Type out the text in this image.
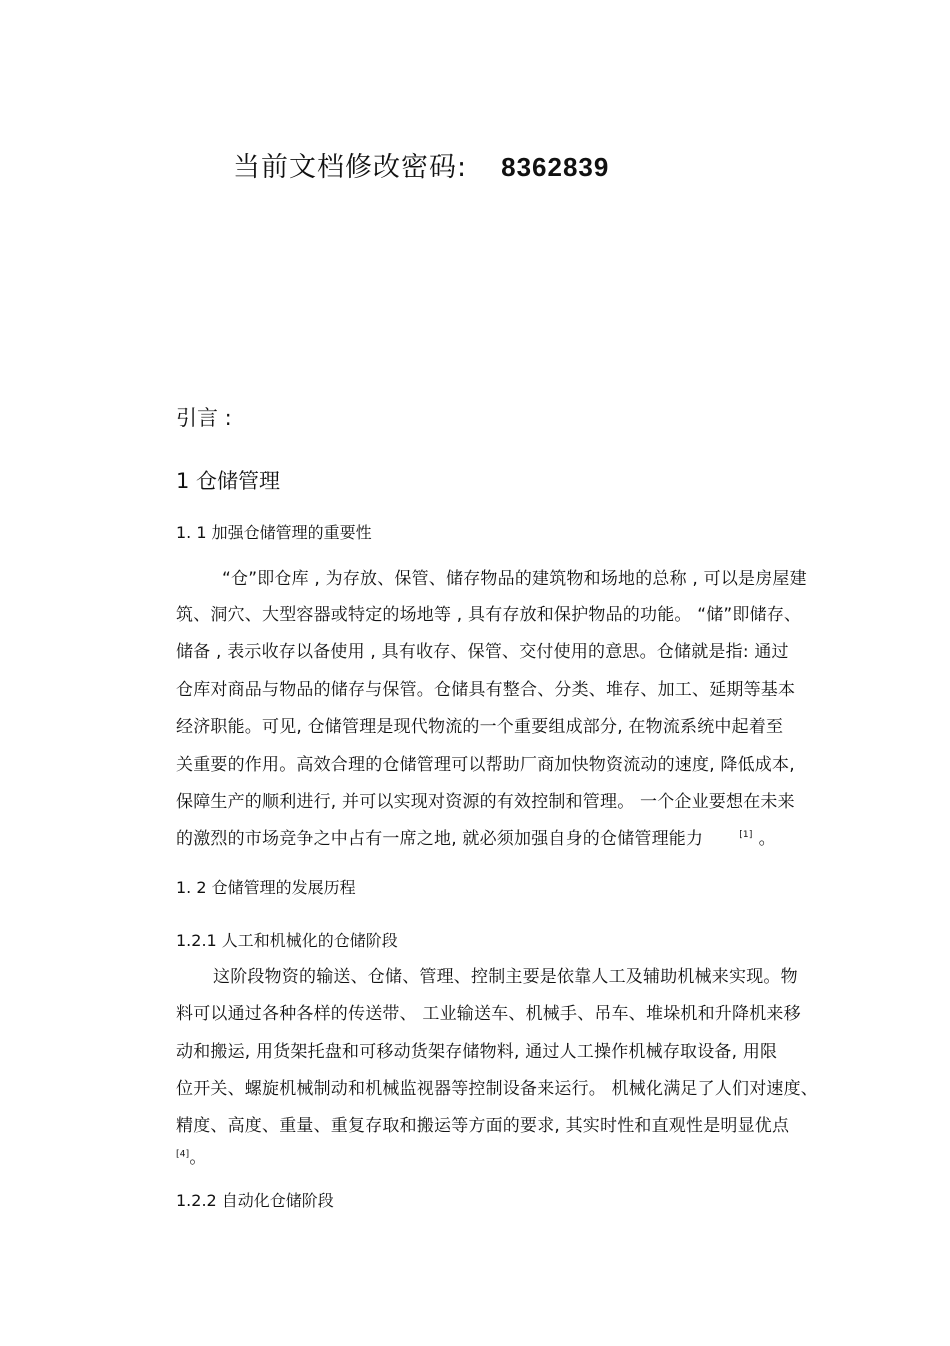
当前文档修改密码: 8362839
引言 :
1 仓储管理
1. 1 加强仓储管理的重要性
“仓”即仓库 , 为存放、保管、储存物品的建筑物和场地的总称 , 可以是房屋建
筑、洞穴、大型容器或特定的场地等 , 具有存放和保护物品的功能。 “储”即储存、
储备 , 表示收存以备使用 , 具有收存、保管、交付使用的意思。仓储就是指: 通过
仓库对商品与物品的储存与保管。仓储具有整合、分类、堆存、加工、延期等基本
经济职能。可见, 仓储管理是现代物流的一个重要组成部分, 在物流系统中起着至
关重要的作用。高效合理的仓储管理可以帮助厂商加快物资流动的速度, 降低成本,
保障生产的顺利进行, 并可以实现对资源的有效控制和管理。 一个企业要想在未来
的激烈的市场竞争之中占有一席之地, 就必须加强自身的仓储管理能力	[1] 。
1. 2 仓储管理的发展历程
1.2.1 人工和机械化的仓储阶段
这阶段物资的输送、仓储、管理、控制主要是依靠人工及辅助机械来实现。物
料可以通过各种各样的传送带、 工业输送车、机械手、吊车、堆垛机和升降机来移
动和搬运, 用货架托盘和可移动货架存储物料, 通过人工操作机械存取设备, 用限
位开关、螺旋机械制动和机械监视器等控制设备来运行。 机械化满足了人们对速度、
精度、高度、重量、重复存取和搬运等方面的要求, 其实时性和直观性是明显优点
[4]。
1.2.2 自动化仓储阶段
